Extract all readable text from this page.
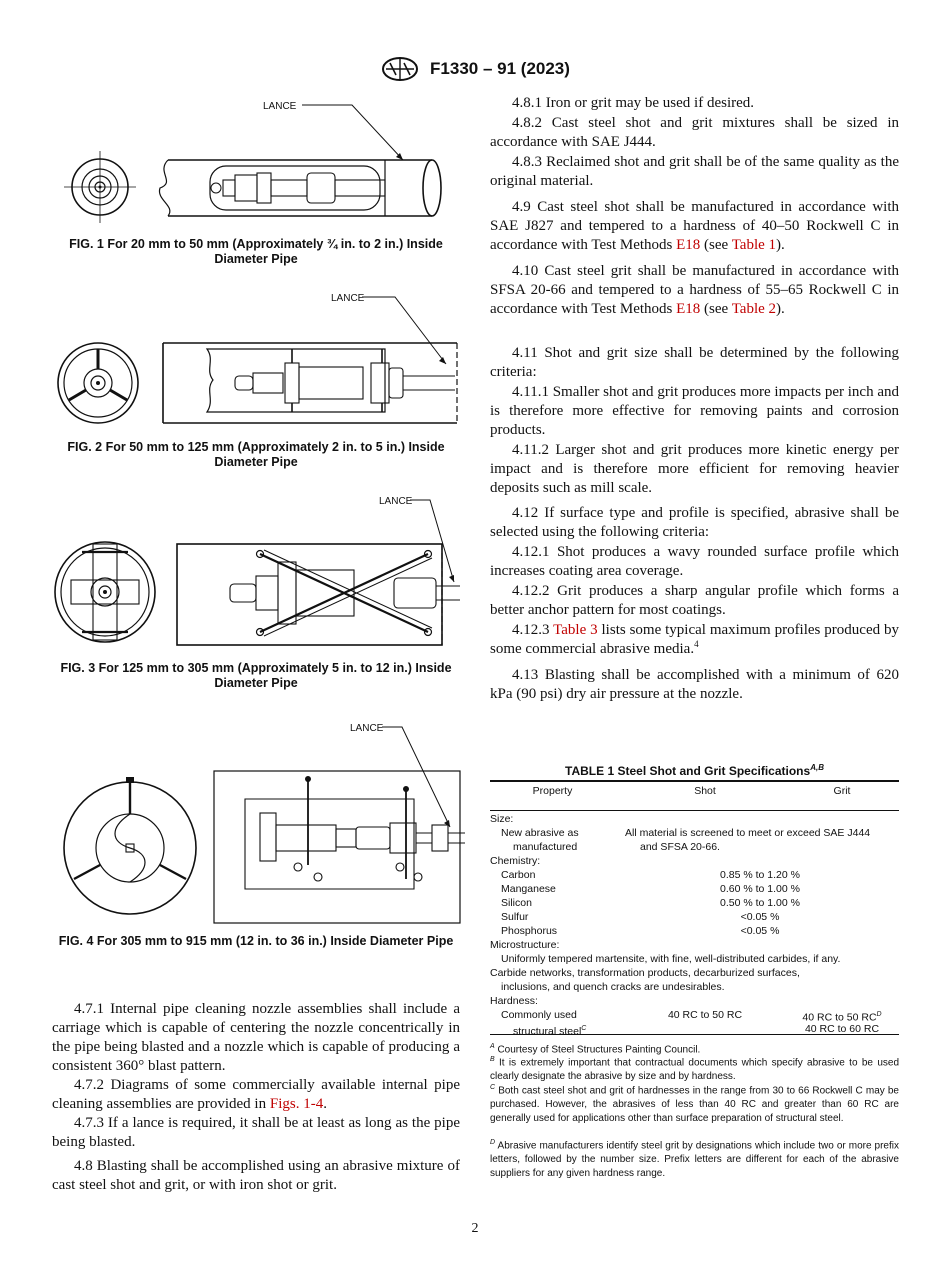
F1330 – 91 (2023)
LANCE
FIG. 1 For 20 mm to 50 mm (Approximately ¾ in. to 2 in.) Inside Diameter Pipe
LANCE
FIG. 2 For 50 mm to 125 mm (Approximately 2 in. to 5 in.) Inside Diameter Pipe
LANCE
FIG. 3 For 125 mm to 305 mm (Approximately 5 in. to 12 in.) Inside Diameter Pipe
LANCE
FIG. 4 For 305 mm to 915 mm (12 in. to 36 in.) Inside Diameter Pipe

4.7.1 Internal pipe cleaning nozzle assemblies shall include a carriage which is capable of centering the nozzle concentrically in the pipe being blasted and a nozzle which is capable of producing a consistent 360° blast pattern.

4.7.2 Diagrams of some commercially available internal pipe cleaning assemblies are provided in Figs. 1-4.

4.7.3 If a lance is required, it shall be at least as long as the pipe being blasted.

4.8 Blasting shall be accomplished using an abrasive mixture of cast steel shot and grit, or with iron shot or grit.

4.8.1 Iron or grit may be used if desired.

4.8.2 Cast steel shot and grit mixtures shall be sized in accordance with SAE J444.

4.8.3 Reclaimed shot and grit shall be of the same quality as the original material.

4.9 Cast steel shot shall be manufactured in accordance with SAE J827 and tempered to a hardness of 40–50 Rockwell C in accordance with Test Methods E18 (see Table 1).

4.10 Cast steel grit shall be manufactured in accordance with SFSA 20-66 and tempered to a hardness of 55–65 Rockwell C in accordance with Test Methods E18 (see Table 2).

4.11 Shot and grit size shall be determined by the following criteria:

4.11.1 Smaller shot and grit produces more impacts per inch and is therefore more effective for removing paints and corrosion products.

4.11.2 Larger shot and grit produces more kinetic energy per impact and is therefore more efficient for removing heavier deposits such as mill scale.

4.12 If surface type and profile is specified, abrasive shall be selected using the following criteria:

4.12.1 Shot produces a wavy rounded surface profile which increases coating area coverage.

4.12.2 Grit produces a sharp angular profile which forms a better anchor pattern for most coatings.

4.12.3 Table 3 lists some typical maximum profiles produced by some commercial abrasive media.$^4$

4.13 Blasting shall be accomplished with a minimum of 620 kPa (90 psi) dry air pressure at the nozzle.

TABLE 1 Steel Shot and Grit Specifications$^{A,B}$
Property	Shot	Grit
Size:
New abrasive as	All material is screened to meet or exceed SAE J444
manufactured	and SFSA 20-66.
Chemistry:
Carbon	0.85 % to 1.20 %
Manganese	0.60 % to 1.00 %
Silicon	0.50 % to 1.00 %
Sulfur	<0.05 %
Phosphorus	<0.05 %
Microstructure:
Uniformly tempered martensite, with fine, well-distributed carbides, if any.
Carbide networks, transformation products, decarburized surfaces,
inclusions, and quench cracks are undesirables.
Hardness:
Commonly used	40 RC to 50 RC	40 RC to 50 $RC^D$
structural steel$^C$	40 RC to 60 RC
$^A$ Courtesy of Steel Structures Painting Council.
$^B$ It is extremely important that contractual documents which specify abrasive to be used clearly designate the abrasive by size and by hardness.
$^C$ Both cast steel shot and grit of hardnesses in the range from 30 to 66 Rockwell C may be purchased. However, the abrasives of less than 40 RC and greater than 60 RC are generally used for applications other than surface preparation of structural steel.
$^D$ Abrasive manufacturers identify steel grit by designations which include two or more prefix letters, followed by the number size. Prefix letters are different for each of the abrasive suppliers for any given hardness range.
2
